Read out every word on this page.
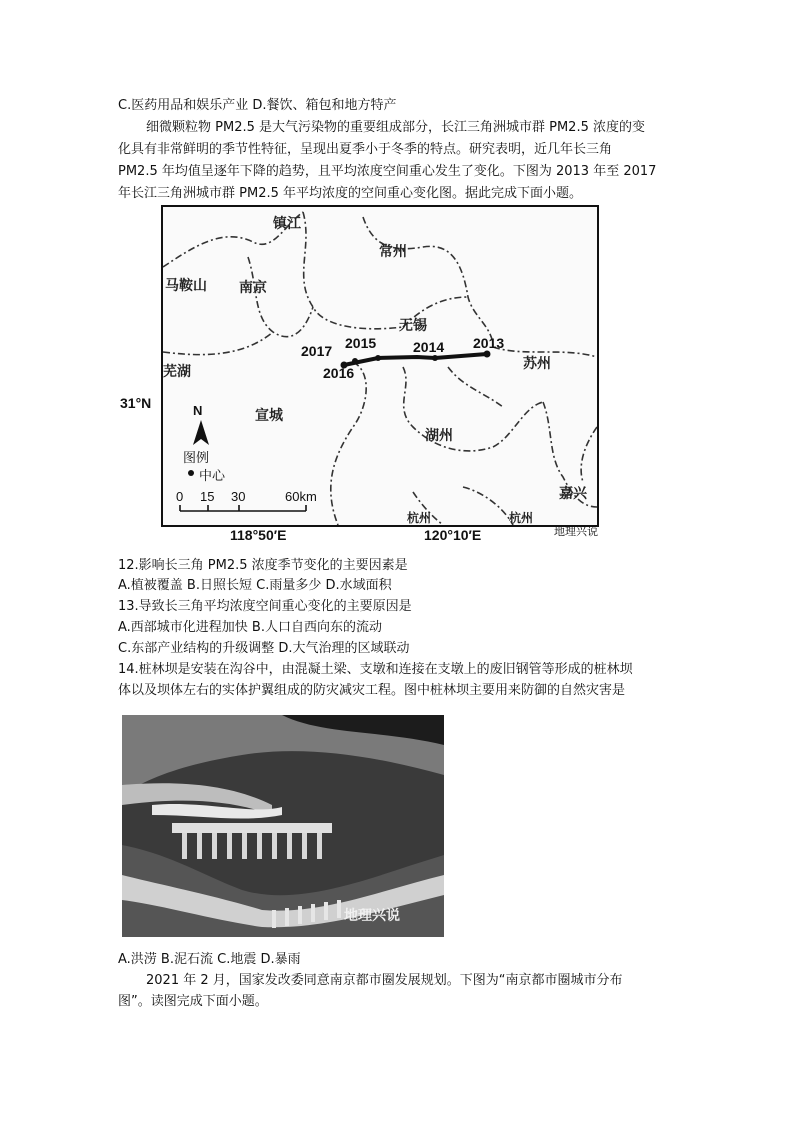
C.医药用品和娱乐产业 D.餐饮、箱包和地方特产
细微颗粒物 PM2.5 是大气污染物的重要组成部分，长江三角洲城市群 PM2.5 浓度的变
化具有非常鲜明的季节性特征，呈现出夏季小于冬季的特点。研究表明，近几年长三角
PM2.5 年均值呈逐年下降的趋势，且平均浓度空间重心发生了变化。下图为 2013 年至 2017
年长江三角洲城市群 PM2.5 年平均浓度的空间重心变化图。据此完成下面小题。
镇江
常州
马鞍山 南京
无锡
苏州
芜湖
宣城
湖州
嘉兴
杭州	杭州
2013
2014
2015
2016
2017
N
图例
中心
0 15 30	60km
31°N
118°50′E	120°10′E	地理兴说
12.影响长三角 PM2.5 浓度季节变化的主要因素是
A.植被覆盖 B.日照长短 C.雨量多少 D.水域面积
13.导致长三角平均浓度空间重心变化的主要原因是
A.西部城市化进程加快 B.人口自西向东的流动
C.东部产业结构的升级调整 D.大气治理的区域联动
14.桩林坝是安装在沟谷中，由混凝土梁、支墩和连接在支墩上的废旧钢管等形成的桩林坝
体以及坝体左右的实体护翼组成的防灾减灾工程。图中桩林坝主要用来防御的自然灾害是
地理兴说
A.洪涝 B.泥石流 C.地震 D.暴雨
2021 年 2 月，国家发改委同意南京都市圈发展规划。下图为“南京都市圈城市分布
图”。读图完成下面小题。
